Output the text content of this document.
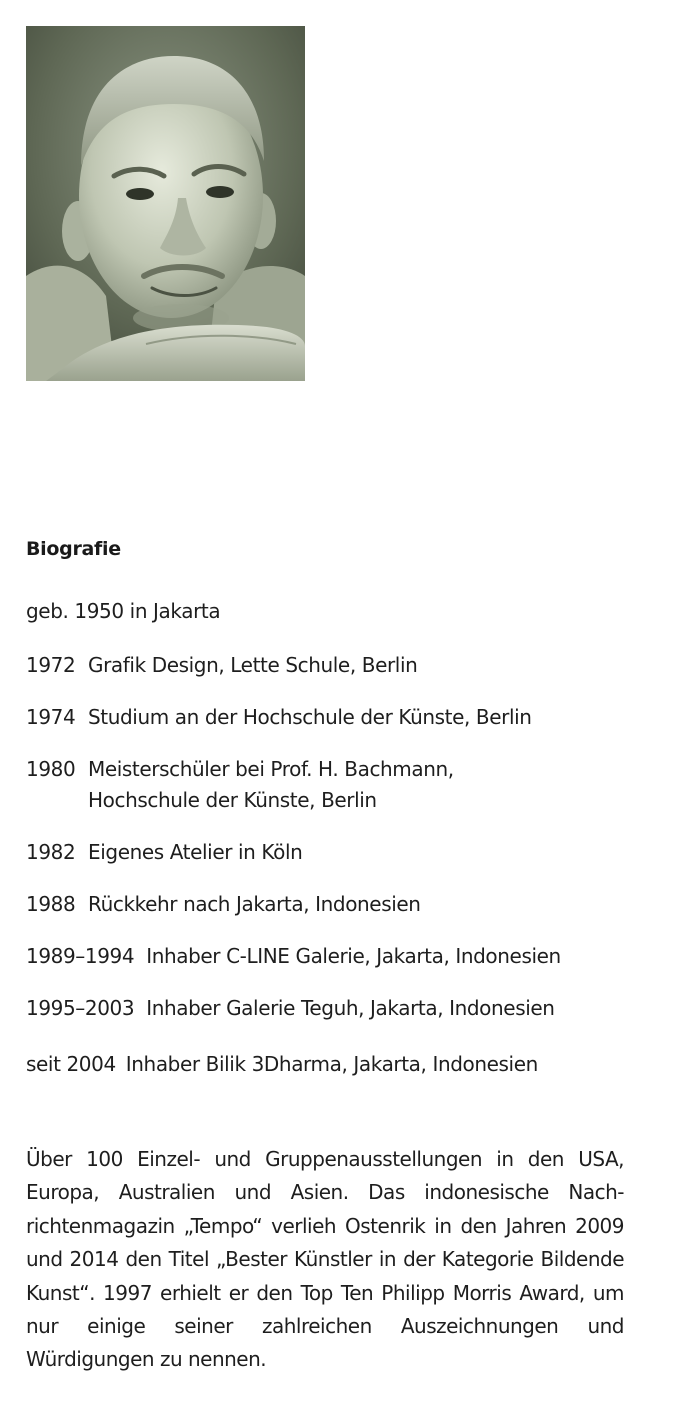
Biografie
geb. 1950 in Jakarta
1972 Grafik Design, Lette Schule, Berlin
1974 Studium an der Hochschule der Künste, Berlin
1980 Meisterschüler bei Prof. H. Bachmann,
Hochschule der Künste, Berlin
1982 Eigenes Atelier in Köln
1988 Rückkehr nach Jakarta, Indonesien
1989–1994 Inhaber C-LINE Galerie, Jakarta, Indonesien
1995–2003 Inhaber Galerie Teguh, Jakarta, Indonesien
seit 2004 Inhaber Bilik 3Dharma, Jakarta, Indonesien

Über 100 Einzel- und Gruppenausstellungen in den USA, Europa, Australien und Asien. Das indonesische Nach-richtenmagazin „Tempo“ verlieh Ostenrik in den Jahren 2009 und 2014 den Titel „Bester Künstler in der Kategorie Bildende Kunst“. 1997 erhielt er den Top Ten Philipp Morris Award, um nur einige seiner zahlreichen Auszeichnungen und Würdigungen zu nennen.
